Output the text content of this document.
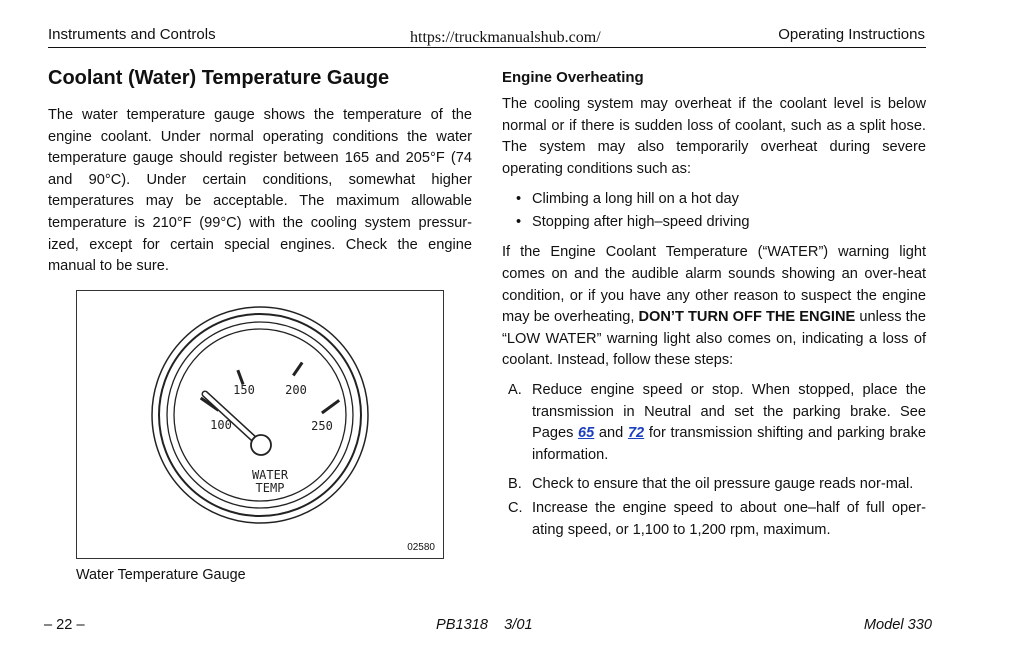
Instruments and Controls	https://truckmanualshub.com/	Operating Instructions
Coolant (Water) Temperature Gauge

The water temperature gauge shows the temperature of the engine coolant. Under normal operating conditions the water temperature gauge should register between 165 and 205°F (74 and 90°C). Under certain conditions, somewhat higher temperatures may be acceptable. The maximum allowable temperature is 210°F (99°C) with the cooling system pressur-ized, except for certain special engines. Check the engine manual to be sure.

100
150	200
250
WATER
TEMP
02580
Water Temperature Gauge
Engine Overheating

The cooling system may overheat if the coolant level is below normal or if there is sudden loss of coolant, such as a split hose. The system may also temporarily overheat during severe operating conditions such as:

• Climbing a long hill on a hot day
• Stopping after high–speed driving

If the Engine Coolant Temperature (“WATER”) warning light comes on and the audible alarm sounds showing an over-heat condition, or if you have any other reason to suspect the engine may be overheating, DON’T TURN OFF THE ENGINE unless the “LOW WATER” warning light also comes on, indicating a loss of coolant. Instead, follow these steps:

A. Reduce engine speed or stop. When stopped, place the transmission in Neutral and set the parking brake. See Pages 65 and 72 for transmission shifting and parking brake information.
B. Check to ensure that the oil pressure gauge reads nor-mal.
C. Increase the engine speed to about one–half of full oper-ating speed, or 1,100 to 1,200 rpm, maximum.
– 22 –	PB1318    3/01	Model 330
